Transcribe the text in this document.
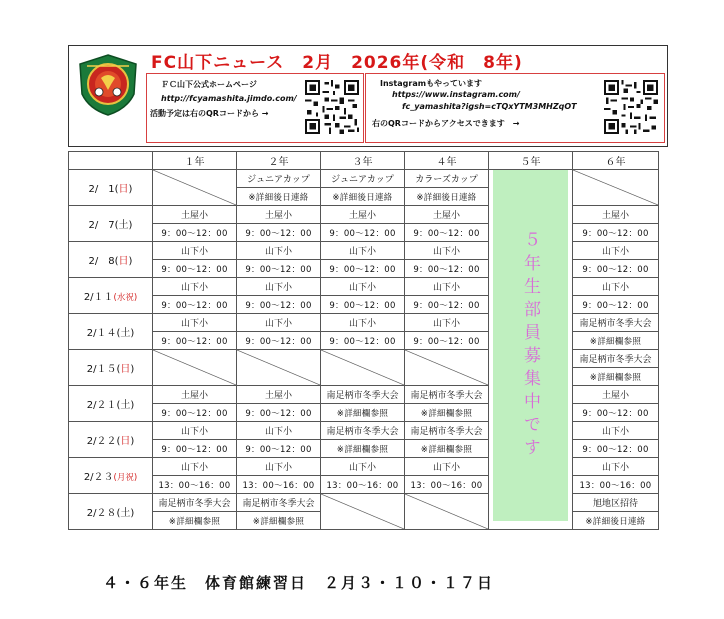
FC山下ニュース　2月　2026年(令和　8年)
ＦＣ山下公式ホームページ
http://fcyamashita.jimdo.com/
活動予定は右のQRコードから →
Instagramもやっています
https://www.instagram.com/
fc_yamashita?igsh=cTQxYTM3MHZqOT
右のQRコードからアクセスできます　→
	１年	２年	３年	４年	５年	６年
2/　1(日)		ジュニアカップ	ジュニアカップ	カラーズカップ	５年生部員募集中です	

		※詳細後日連絡	※詳細後日連絡	※詳細後日連絡		
2/　7(土)	土屋小	土屋小	土屋小	土屋小		土屋小
	9：00〜12：00	9：00〜12：00	9：00〜12：00	9：00〜12：00		9：00〜12：00
2/　8(日)	山下小	山下小	山下小	山下小		山下小
	9：00〜12：00	9：00〜12：00	9：00〜12：00	9：00〜12：00		9：00〜12：00
2/１１(水祝)	山下小	山下小	山下小	山下小		山下小
	9：00〜12：00	9：00〜12：00	9：00〜12：00	9：00〜12：00		9：00〜12：00
2/１４(土)	山下小	山下小	山下小	山下小		南足柄市冬季大会
	9：00〜12：00	9：00〜12：00	9：00〜12：00	9：00〜12：00		※詳細欄参照
2/１５(日)						南足柄市冬季大会
						※詳細欄参照
2/２１(土)	土屋小	土屋小	南足柄市冬季大会	南足柄市冬季大会		土屋小
	9：00〜12：00	9：00〜12：00	※詳細欄参照	※詳細欄参照		9：00〜12：00
2/２２(日)	山下小	山下小	南足柄市冬季大会	南足柄市冬季大会		山下小
	9：00〜12：00	9：00〜12：00	※詳細欄参照	※詳細欄参照		9：00〜12：00
2/２３(月祝)	山下小	山下小	山下小	山下小		山下小
	13：00〜16：00	13：00〜16：00	13：00〜16：00	13：00〜16：00		13：00〜16：00
2/２８(土)	南足柄市冬季大会	南足柄市冬季大会				旭地区招待
	※詳細欄参照	※詳細欄参照				※詳細後日連絡
４・６年生　体育館練習日　２月３・１０・１７日
